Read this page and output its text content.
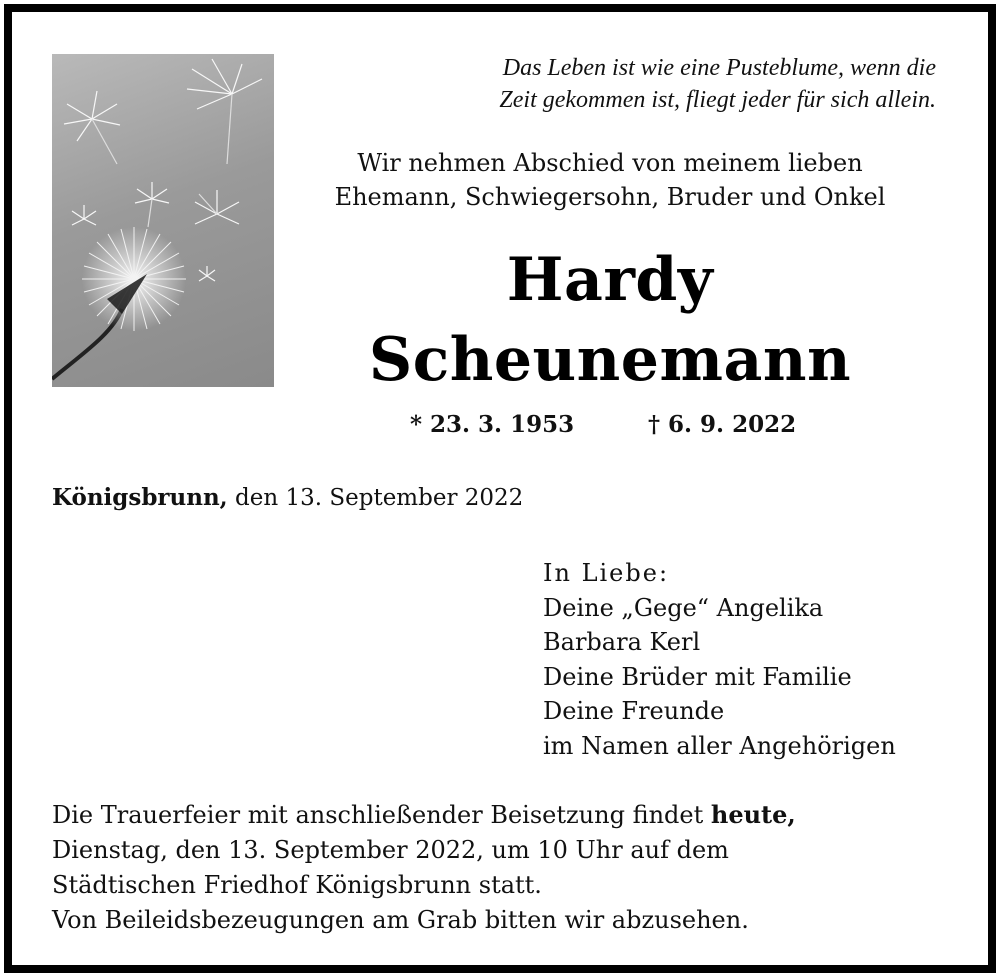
Das Leben ist wie eine Pusteblume, wenn die
Zeit gekommen ist, fliegt jeder für sich allein.
Wir nehmen Abschied von meinem lieben
Ehemann, Schwiegersohn, Bruder und Onkel
Hardy
Scheunemann
* 23. 3. 1953	† 6. 9. 2022
Königsbrunn, den 13. September 2022
In Liebe:
Deine „Gege“ Angelika
Barbara Kerl
Deine Brüder mit Familie
Deine Freunde
im Namen aller Angehörigen
Die Trauerfeier mit anschließender Beisetzung findet heute,
Dienstag, den 13. September 2022, um 10 Uhr auf dem
Städtischen Friedhof Königsbrunn statt.
Von Beileidsbezeugungen am Grab bitten wir abzusehen.
